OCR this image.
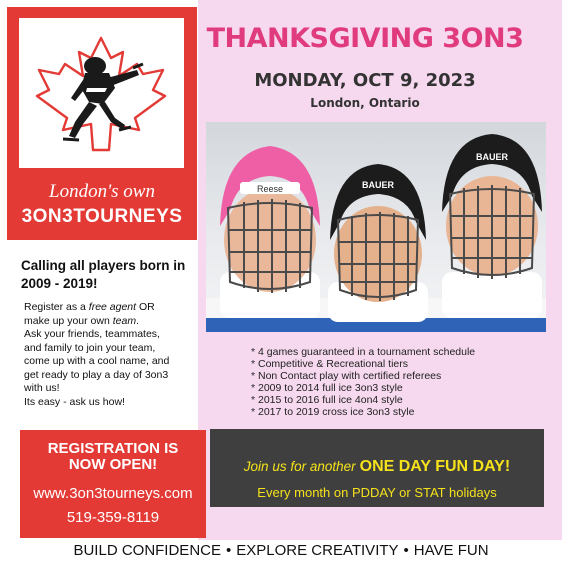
London's own
3ON3TOURNEYS
Calling all players born in 2009 - 2019!

Register as a free agent OR

make up your own team.

Ask your friends, teammates,

and family to join your team,

come up with a cool name, and

get ready to play a day of 3on3

with us!

Its easy - ask us how!

REGISTRATION IS
NOW OPEN!
www.3on3tourneys.com
519-359-8119
THANKSGIVING 3ON3
MONDAY, OCT 9, 2023
London, Ontario
Reese	BAUER
BAUER
* 4 games guaranteed in a tournament schedule
* Competitive & Recreational tiers
* Non Contact play with certified referees
* 2009 to 2014 full ice 3on3 style
* 2015 to 2016 full ice 4on4 style
* 2017 to 2019 cross ice 3on3 style
Join us for another ONE DAY FUN DAY!
Every month on PDDAY or STAT holidays
BUILD CONFIDENCE • EXPLORE CREATIVITY • HAVE FUN
